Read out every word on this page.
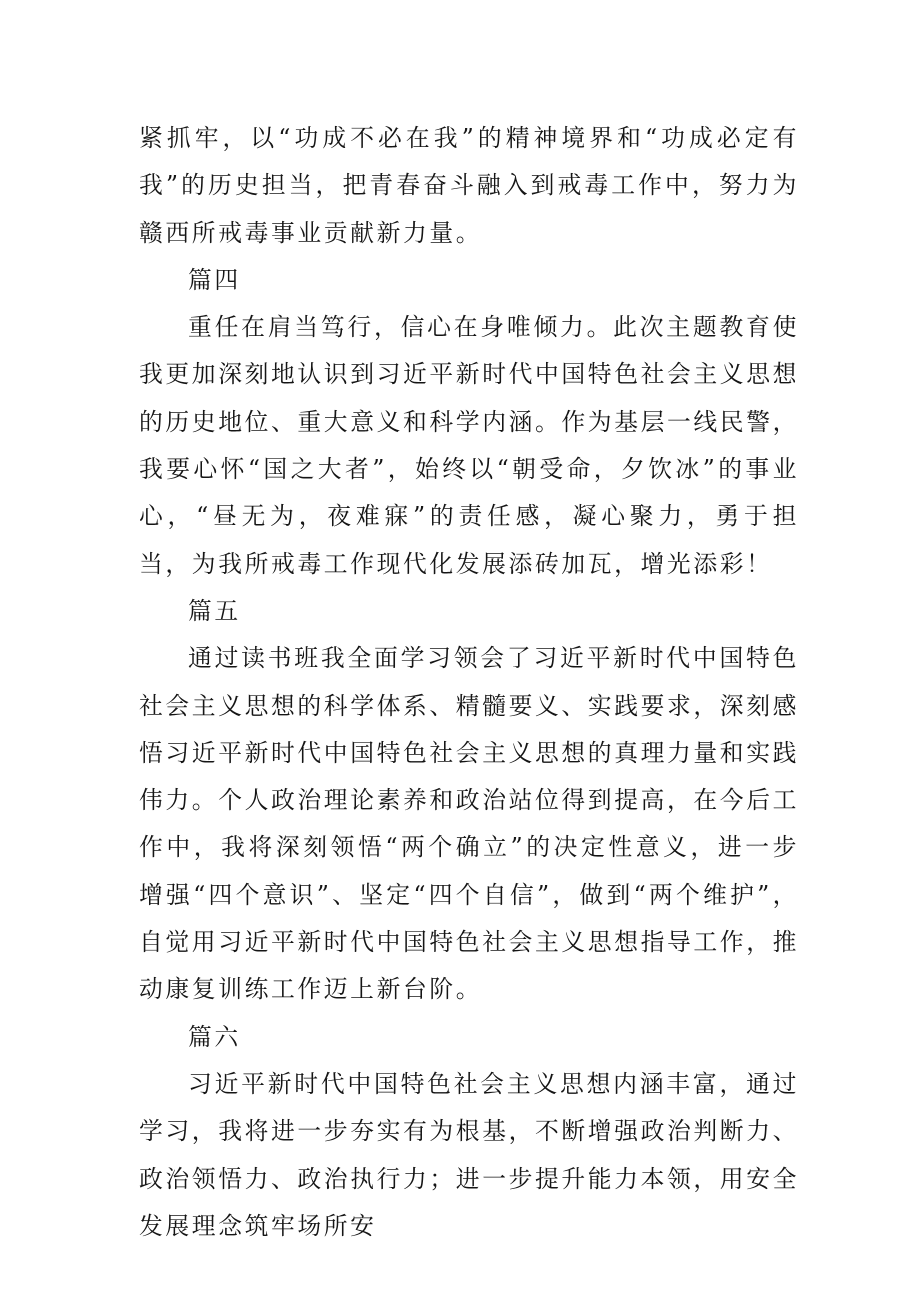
紧抓牢，以“功成不必在我”的精神境界和“功成必定有我”的历史担当，把青春奋斗融入到戒毒工作中，努力为赣西所戒毒事业贡献新力量。

篇四

重任在肩当笃行，信心在身唯倾力。此次主题教育使我更加深刻地认识到习近平新时代中国特色社会主义思想的历史地位、重大意义和科学内涵。作为基层一线民警，我要心怀“国之大者”，始终以“朝受命，夕饮冰”的事业心，“昼无为，夜难寐”的责任感，凝心聚力，勇于担当，为我所戒毒工作现代化发展添砖加瓦，增光添彩！

篇五

通过读书班我全面学习领会了习近平新时代中国特色社会主义思想的科学体系、精髓要义、实践要求，深刻感悟习近平新时代中国特色社会主义思想的真理力量和实践伟力。个人政治理论素养和政治站位得到提高，在今后工作中，我将深刻领悟“两个确立”的决定性意义，进一步增强“四个意识”、坚定“四个自信”，做到“两个维护”，自觉用习近平新时代中国特色社会主义思想指导工作，推动康复训练工作迈上新台阶。

篇六

习近平新时代中国特色社会主义思想内涵丰富，通过学习，我将进一步夯实有为根基，不断增强政治判断力、政治领悟力、政治执行力；进一步提升能力本领，用安全发展理念筑牢场所安
